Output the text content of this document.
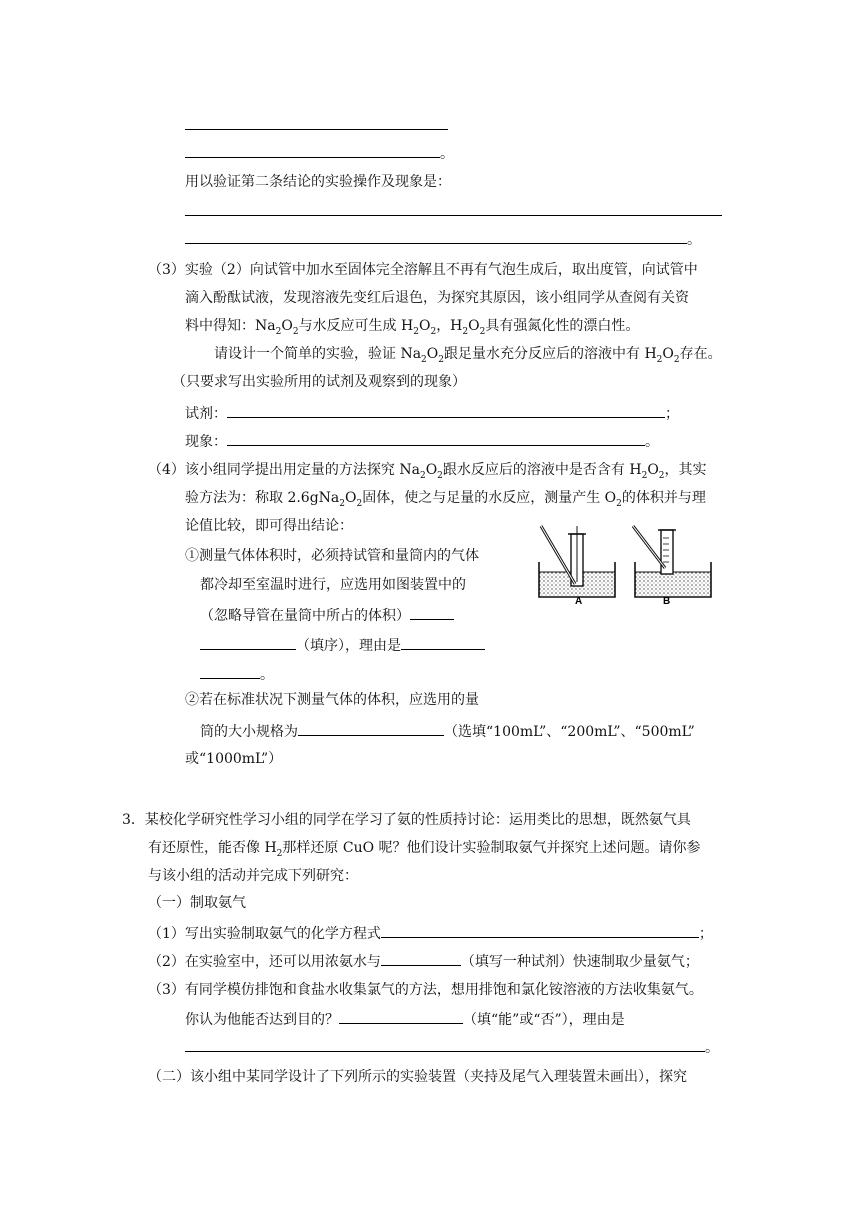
。
用以验证第二条结论的实验操作及现象是：
。
（3）实验（2）向试管中加水至固体完全溶解且不再有气泡生成后，取出度管，向试管中
滴入酚酞试液，发现溶液先变红后退色，为探究其原因，该小组同学从查阅有关资
料中得知：$Na_2O_2$与水反应可生成 $H_2O_2$，$H_2O_2$具有强氮化性的漂白性。
请设计一个简单的实验，验证 $Na_2O_2$跟足量水充分反应后的溶液中有 $H_2O_2$存在。
（只要求写出实验所用的试剂及观察到的现象）
试剂：	；
现象：	。
（4）该小组同学提出用定量的方法探究 $Na_2O_2$跟水反应后的溶液中是否含有 $H_2O_2$，其实
验方法为：称取 $2.6gNa_2O_2$固体，使之与足量的水反应，测量产生 $O_2$的体积并与理
论值比较，即可得出结论：
①测量气体体积时，必须持试管和量筒内的气体
都冷却至室温时进行，应选用如图装置中的
（忽略导管在量筒中所占的体积）
（填序），理由是
。
②若在标准状况下测量气体的体积，应选用的量
筒的大小规格为	（选填“100mL”、“200mL”、“500mL”
或“1000mL”）
A	B
3．某校化学研究性学习小组的同学在学习了氨的性质持讨论：运用类比的思想，既然氨气具
有还原性，能否像 $H_2$那样还原 CuO 呢？他们设计实验制取氨气并探究上述问题。请你参
与该小组的活动并完成下列研究：
（一）制取氨气
（1）写出实验制取氨气的化学方程式	；
（2）在实验室中，还可以用浓氨水与	（填写一种试剂）快速制取少量氨气；
（3）有同学模仿排饱和食盐水收集氯气的方法，想用排饱和氯化铵溶液的方法收集氨气。
你认为他能否达到目的？	（填“能”或“否”），理由是
。
（二）该小组中某同学设计了下列所示的实验装置（夹持及尾气入理装置未画出），探究
